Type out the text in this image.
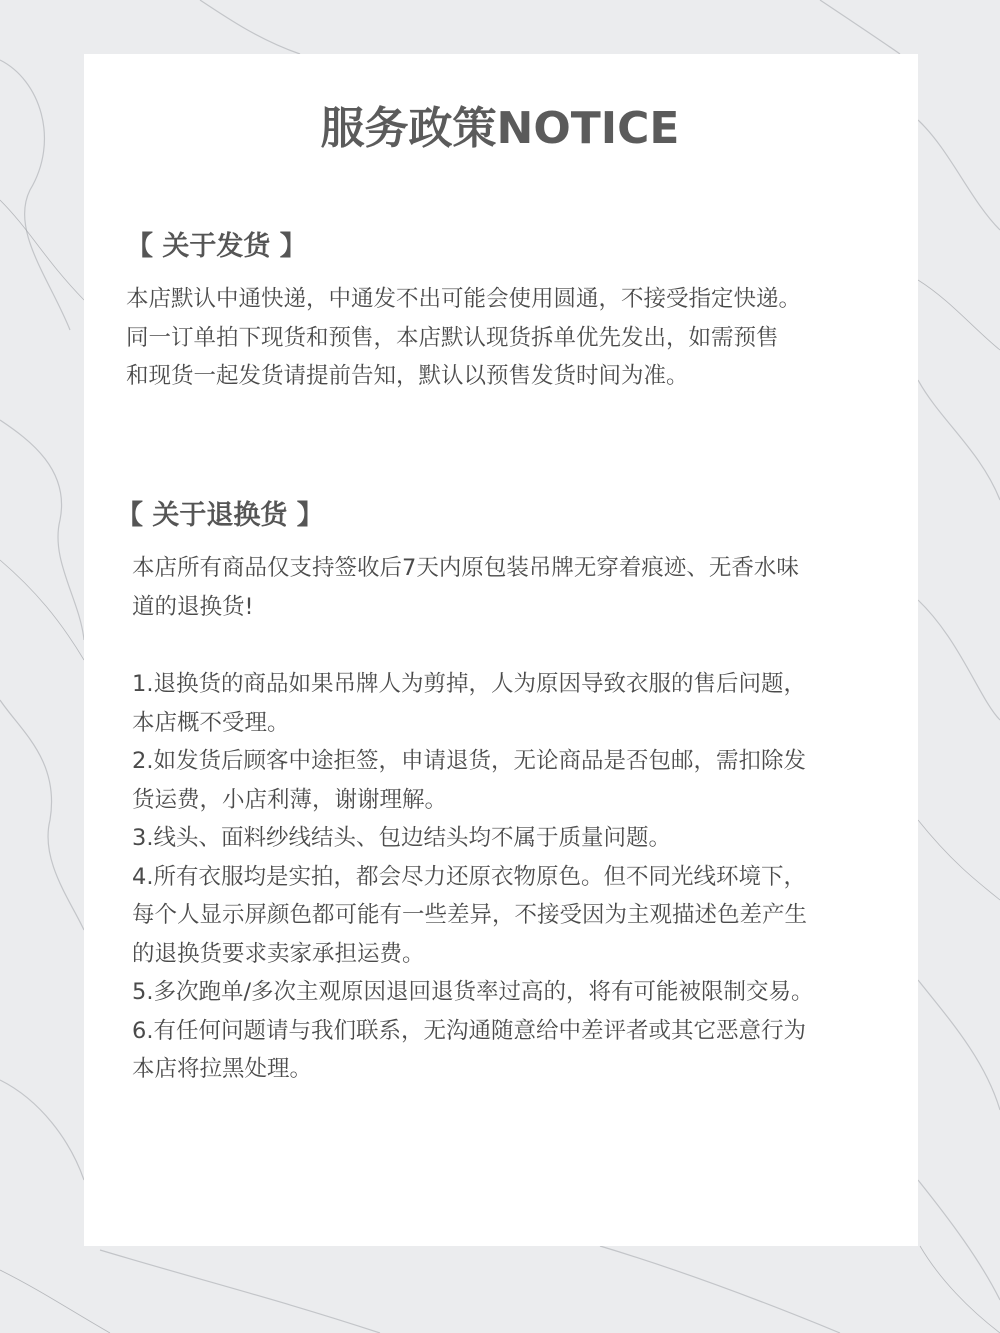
服务政策NOTICE
【 关于发货 】
本店默认中通快递，中通发不出可能会使用圆通，不接受指定快递。
同一订单拍下现货和预售，本店默认现货拆单优先发出，如需预售
和现货一起发货请提前告知，默认以预售发货时间为准。
【 关于退换货 】
本店所有商品仅支持签收后7天内原包装吊牌无穿着痕迹、无香水味
道的退换货!
1.退换货的商品如果吊牌人为剪掉，人为原因导致衣服的售后问题，
本店概不受理。
2.如发货后顾客中途拒签，申请退货，无论商品是否包邮，需扣除发
货运费，小店利薄，谢谢理解。
3.线头、面料纱线结头、包边结头均不属于质量问题。
4.所有衣服均是实拍，都会尽力还原衣物原色。但不同光线环境下，
每个人显示屏颜色都可能有一些差异，不接受因为主观描述色差产生
的退换货要求卖家承担运费。
5.多次跑单/多次主观原因退回退货率过高的，将有可能被限制交易。
6.有任何问题请与我们联系，无沟通随意给中差评者或其它恶意行为
本店将拉黑处理。
